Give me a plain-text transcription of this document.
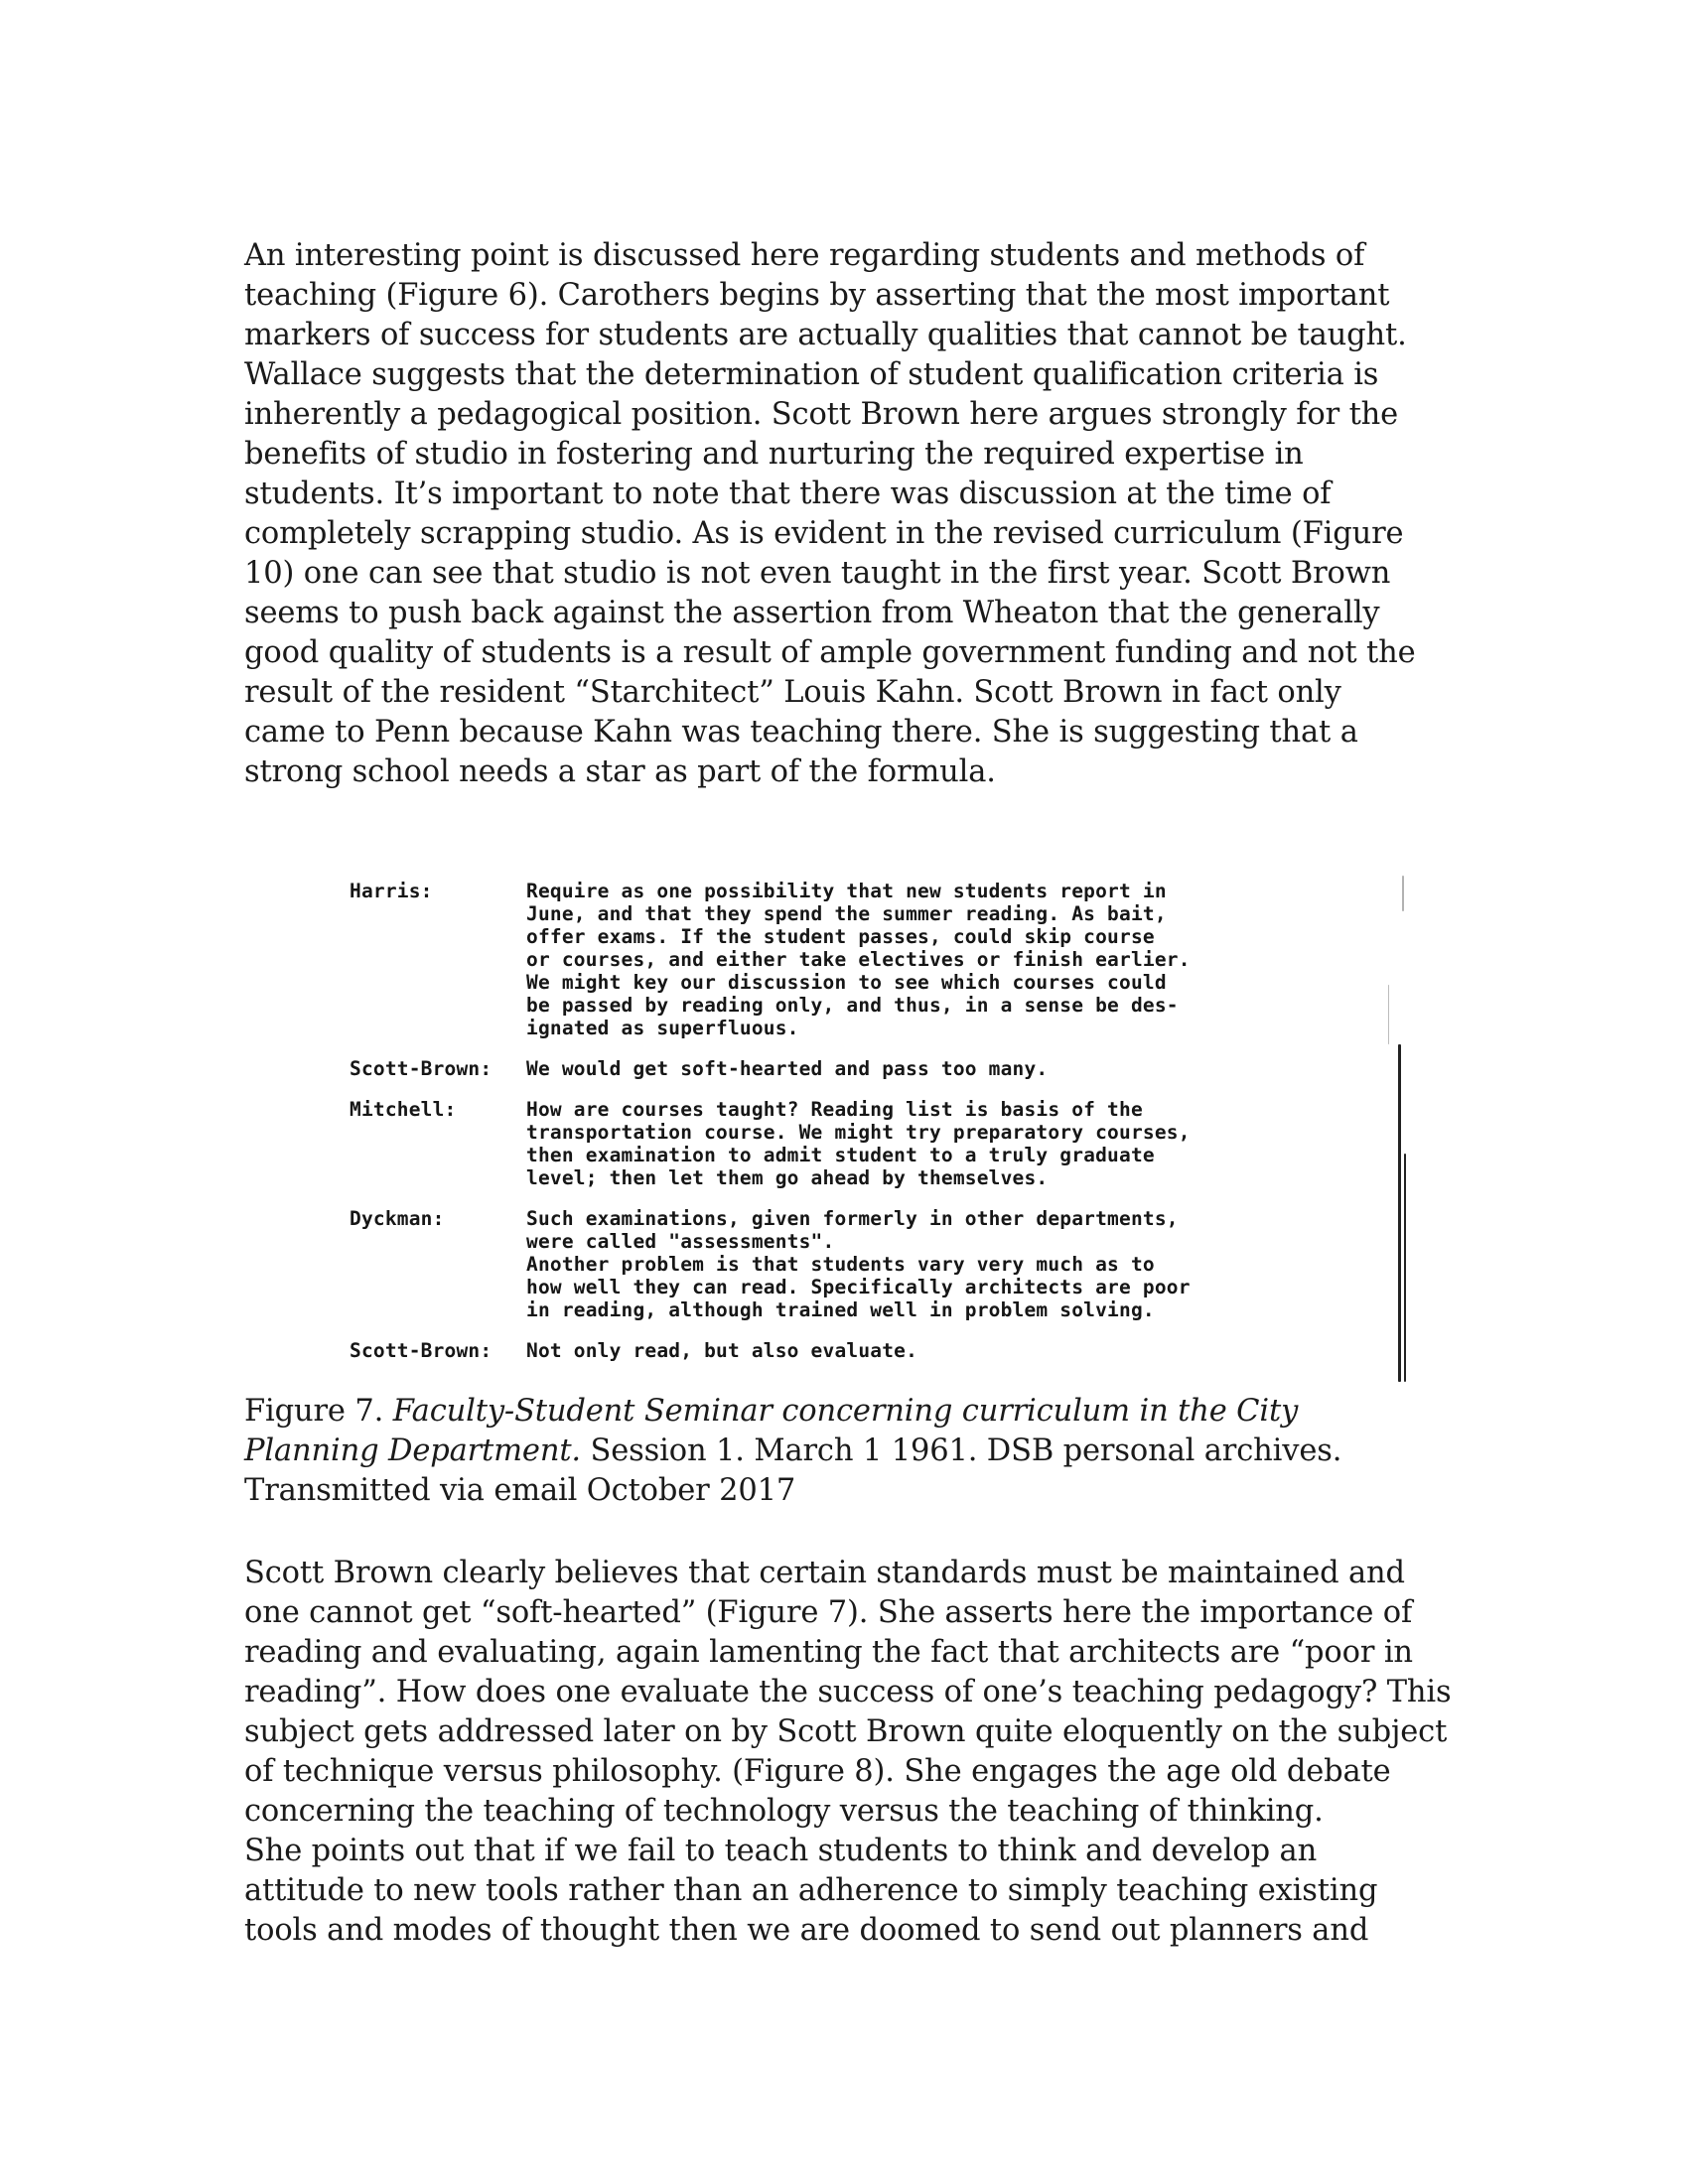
An interesting point is discussed here regarding students and methods of
teaching (Figure 6). Carothers begins by asserting that the most important
markers of success for students are actually qualities that cannot be taught.
Wallace suggests that the determination of student qualification criteria is
inherently a pedagogical position. Scott Brown here argues strongly for the
benefits of studio in fostering and nurturing the required expertise in
students. It’s important to note that there was discussion at the time of
completely scrapping studio. As is evident in the revised curriculum (Figure
10) one can see that studio is not even taught in the first year. Scott Brown
seems to push back against the assertion from Wheaton that the generally
good quality of students is a result of ample government funding and not the
result of the resident “Starchitect” Louis Kahn. Scott Brown in fact only
came to Penn because Kahn was teaching there. She is suggesting that a
strong school needs a star as part of the formula.
Harris:	Require as one possibility that new students report in
June, and that they spend the summer reading. As bait,
offer exams. If the student passes, could skip course
or courses, and either take electives or finish earlier.
We might key our discussion to see which courses could
be passed by reading only, and thus, in a sense be des-
ignated as superfluous.
Scott-Brown:	We would get soft-hearted and pass too many.
Mitchell:	How are courses taught? Reading list is basis of the
transportation course. We might try preparatory courses,
then examination to admit student to a truly graduate
level; then let them go ahead by themselves.
Dyckman:	Such examinations, given formerly in other departments,
were called "assessments".
Another problem is that students vary very much as to
how well they can read. Specifically architects are poor
in reading, although trained well in problem solving.
Scott-Brown:	Not only read, but also evaluate.
Figure 7. Faculty-Student Seminar concerning curriculum in the City
Planning Department. Session 1. March 1 1961. DSB personal archives.
Transmitted via email October 2017
Scott Brown clearly believes that certain standards must be maintained and
one cannot get “soft-hearted” (Figure 7). She asserts here the importance of
reading and evaluating, again lamenting the fact that architects are “poor in
reading”. How does one evaluate the success of one’s teaching pedagogy? This
subject gets addressed later on by Scott Brown quite eloquently on the subject
of technique versus philosophy. (Figure 8). She engages the age old debate
concerning the teaching of technology versus the teaching of thinking.
She points out that if we fail to teach students to think and develop an
attitude to new tools rather than an adherence to simply teaching existing
tools and modes of thought then we are doomed to send out planners and
